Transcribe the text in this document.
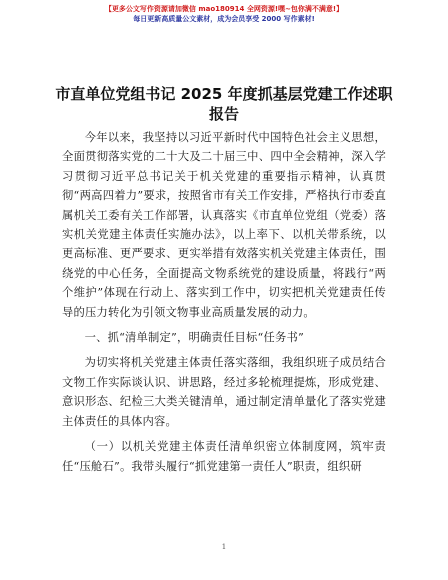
【更多公文写作资源请加微信 mao180914 全网资源!嘿~包你满不满意!】
每日更新高质量公文素材，成为会员享受 2000 写作素材!
市直单位党组书记 2025 年度抓基层党建工作述职报告

今年以来，我坚持以习近平新时代中国特色社会主义思想，全面贯彻落实党的二十大及二十届三中、四中全会精神，深入学习贯彻习近平总书记关于机关党建的重要指示精神，认真贯彻“两高四着力”要求，按照省市有关工作安排，严格执行市委直属机关工委有关工作部署，认真落实《市直单位党组（党委）落实机关党建主体责任实施办法》，以上率下、以机关带系统，以更高标准、更严要求、更实举措有效落实机关党建主体责任，围绕党的中心任务，全面提高文物系统党的建设质量，将践行“两个维护”体现在行动上、落实到工作中，切实把机关党建责任传导的压力转化为引领文物事业高质量发展的动力。

一、抓“清单制定”，明确责任目标“任务书”

为切实将机关党建主体责任落实落细，我组织班子成员结合文物工作实际谈认识、讲思路，经过多轮梳理提炼，形成党建、意识形态、纪检三大类关键清单，通过制定清单量化了落实党建主体责任的具体内容。

（一）以机关党建主体责任清单织密立体制度网，筑牢责任“压舱石”。我带头履行“抓党建第一责任人”职责，组织研

1
